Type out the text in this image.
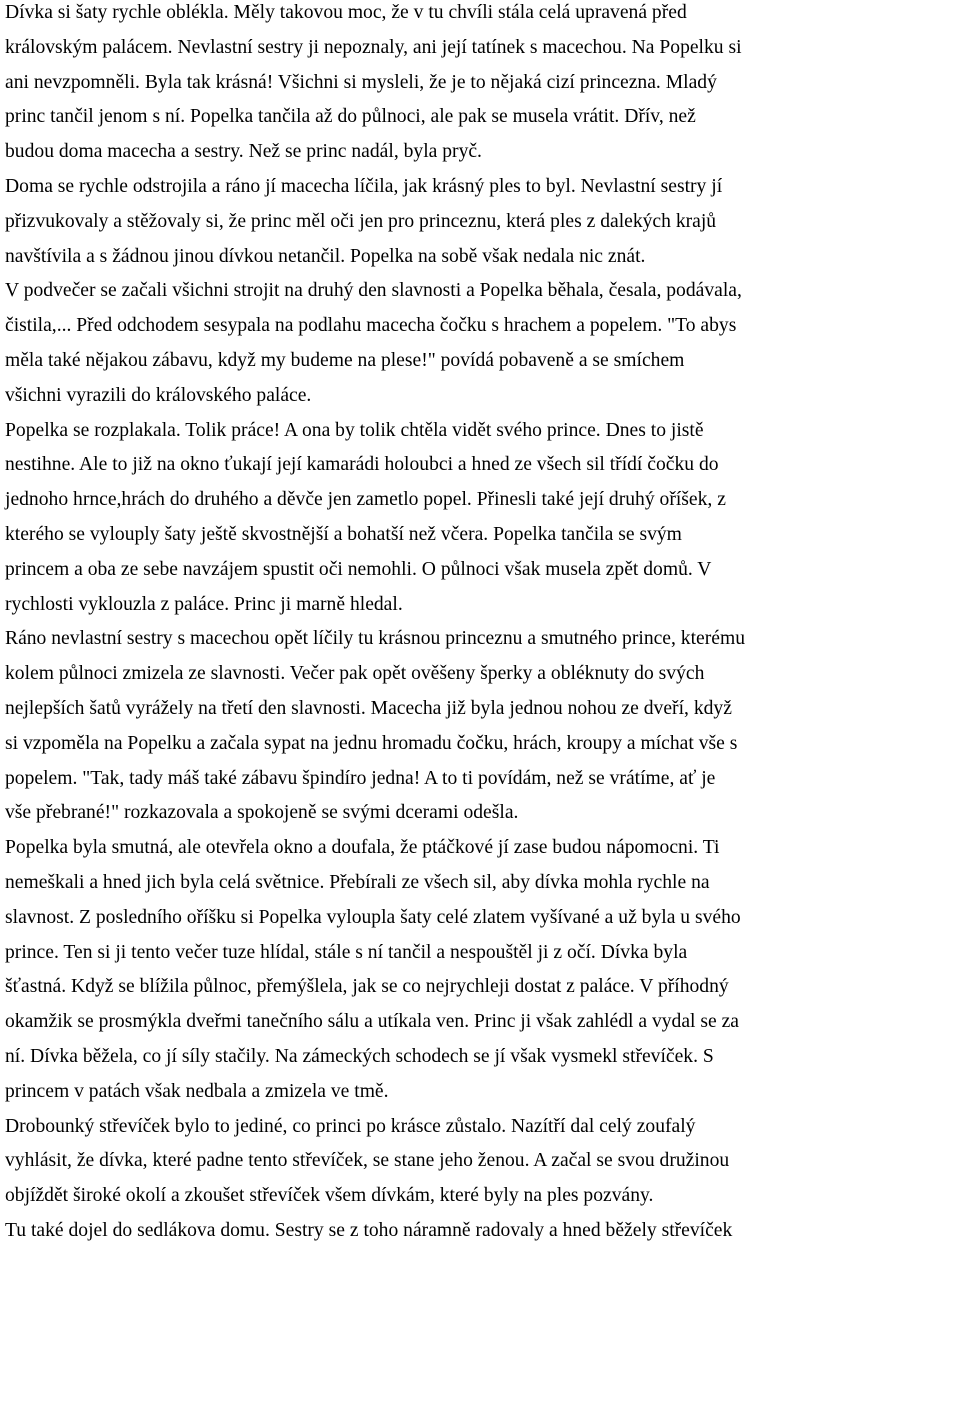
Dívka si šaty rychle oblékla. Měly takovou moc, že v tu chvíli stála celá upravená před
královským palácem. Nevlastní sestry ji nepoznaly, ani její tatínek s macechou. Na Popelku si
ani nevzpomněli. Byla tak krásná! Všichni si mysleli, že je to nějaká cizí princezna. Mladý
princ tančil jenom s ní. Popelka tančila až do půlnoci, ale pak se musela vrátit. Dřív, než
budou doma macecha a sestry. Než se princ nadál, byla pryč.

Doma se rychle odstrojila a ráno jí macecha líčila, jak krásný ples to byl. Nevlastní sestry jí
přizvukovaly a stěžovaly si, že princ měl oči jen pro princeznu, která ples z dalekých krajů
navštívila a s žádnou jinou dívkou netančil. Popelka na sobě však nedala nic znát.
V podvečer se začali všichni strojit na druhý den slavnosti a Popelka běhala, česala, podávala,
čistila,... Před odchodem sesypala na podlahu macecha čočku s hrachem a popelem. "To abys
měla také nějakou zábavu, když my budeme na plese!" povídá pobaveně a se smíchem
všichni vyrazili do královského paláce.

Popelka se rozplakala. Tolik práce! A ona by tolik chtěla vidět svého prince. Dnes to jistě
nestihne. Ale to již na okno ťukají její kamarádi holoubci a hned ze všech sil třídí čočku do
jednoho hrnce,hrách do druhého a děvče jen zametlo popel. Přinesli také její druhý oříšek, z
kterého se vylouply šaty ještě skvostnější a bohatší než včera. Popelka tančila se svým
princem a oba ze sebe navzájem spustit oči nemohli. O půlnoci však musela zpět domů. V
rychlosti vyklouzla z paláce. Princ ji marně hledal.

Ráno nevlastní sestry s macechou opět líčily tu krásnou princeznu a smutného prince, kterému
kolem půlnoci zmizela ze slavnosti. Večer pak opět ověšeny šperky a obléknuty do svých
nejlepších šatů vyrážely na třetí den slavnosti. Macecha již byla jednou nohou ze dveří, když
si vzpoměla na Popelku a začala sypat na jednu hromadu čočku, hrách, kroupy a míchat vše s
popelem. "Tak, tady máš také zábavu špindíro jedna! A to ti povídám, než se vrátíme, ať je
vše přebrané!" rozkazovala a spokojeně se svými dcerami odešla.

Popelka byla smutná, ale otevřela okno a doufala, že ptáčkové jí zase budou nápomocni. Ti
nemeškali a hned jich byla celá světnice. Přebírali ze všech sil, aby dívka mohla rychle na
slavnost. Z posledního oříšku si Popelka vylouplа šaty celé zlatem vyšívané a už byla u svého
prince. Ten si ji tento večer tuze hlídal, stále s ní tančil a nespouštěl ji z očí. Dívka byla
šťastná. Když se blížila půlnoc, přemýšlela, jak se co nejrychleji dostat z paláce. V příhodný
okamžik se prosmýkla dveřmi tanečního sálu a utíkala ven. Princ ji však zahlédl a vydal se za
ní. Dívka běžela, co jí síly stačily. Na zámeckých schodech se jí však vysmekl střevíček. S
princem v patách však nedbala a zmizela ve tmě.

Drobounký střevíček bylo to jediné, co princi po krásce zůstalo. Nazítří dal celý zoufalý
vyhlásit, že dívka, které padne tento střevíček, se stane jeho ženou. A začal se svou družinou
objíždět široké okolí a zkoušet střevíček všem dívkám, které byly na ples pozvány.
Tu také dojel do sedlákova domu. Sestry se z toho náramně radovaly a hned běžely střevíček
